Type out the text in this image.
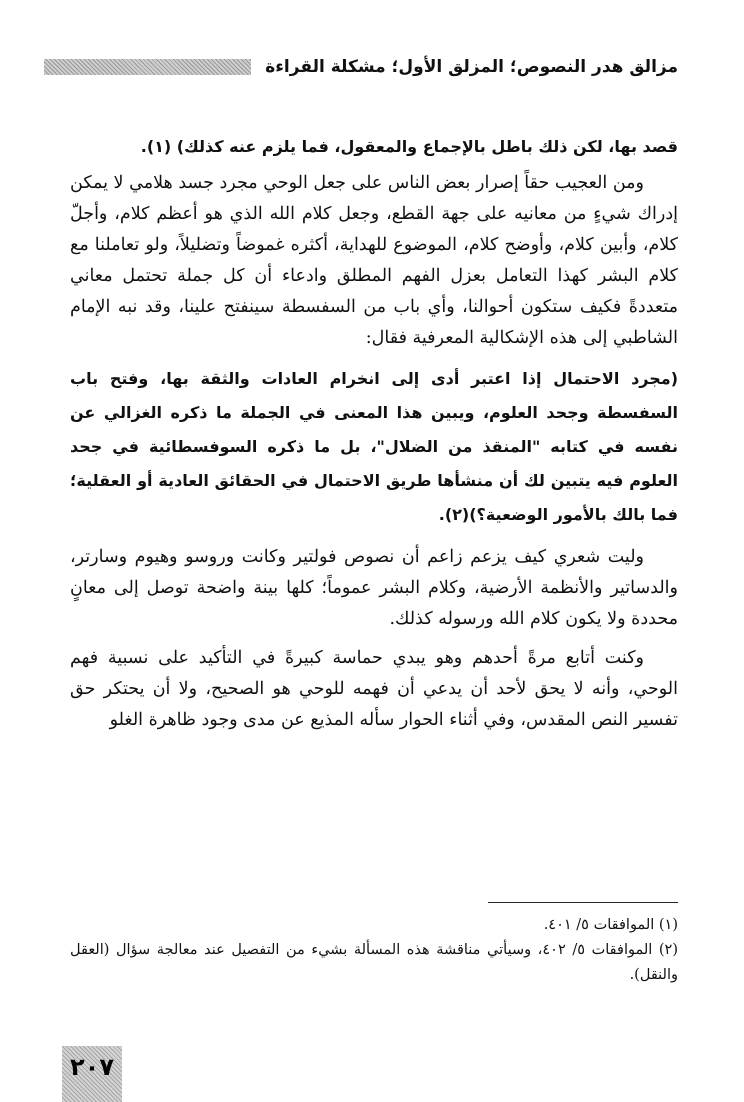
مزالق هدر النصوص؛ المزلق الأول؛ مشكلة القراءة

قصد بها، لكن ذلك باطل بالإجماع والمعقول، فما يلزم عنه كذلك) (١).

ومن العجيب حقاً إصرار بعض الناس على جعل الوحي مجرد جسد هلامي لا يمكن إدراك شيءٍ من معانيه على جهة القطع، وجعل كلام الله الذي هو أعظم كلام، وأجلّ كلام، وأبين كلام، وأوضح كلام، الموضوع للهداية، أكثره غموضاً وتضليلاً، ولو تعاملنا مع كلام البشر كهذا التعامل بعزل الفهم المطلق وادعاء أن كل جملة تحتمل معاني متعددةً فكيف ستكون أحوالنا، وأي باب من السفسطة سينفتح علينا، وقد نبه الإمام الشاطبي إلى هذه الإشكالية المعرفية فقال:

(مجرد الاحتمال إذا اعتبر أدى إلى انخرام العادات والثقة بها، وفتح باب السفسطة وجحد العلوم، ويبين هذا المعنى في الجملة ما ذكره الغزالي عن نفسه في كتابه "المنقذ من الضلال"، بل ما ذكره السوفسطائية في جحد العلوم فيه يتبين لك أن منشأها طريق الاحتمال في الحقائق العادية أو العقلية؛ فما بالك بالأمور الوضعية؟)(٢).

وليت شعري كيف يزعم زاعم أن نصوص فولتير وكانت وروسو وهيوم وسارتر، والدساتير والأنظمة الأرضية، وكلام البشر عموماً؛ كلها بينة واضحة توصل إلى معانٍ محددة ولا يكون كلام الله ورسوله كذلك.

وكنت أتابع مرةً أحدهم وهو يبدي حماسة كبيرةً في التأكيد على نسبية فهم الوحي، وأنه لا يحق لأحد أن يدعي أن فهمه للوحي هو الصحيح، ولا أن يحتكر حق تفسير النص المقدس، وفي أثناء الحوار سأله المذيع عن مدى وجود ظاهرة الغلو

(١) الموافقات ٥/ ٤٠١.

(٢) الموافقات ٥/ ٤٠٢، وسيأتي مناقشة هذه المسألة بشيء من التفصيل عند معالجة سؤال (العقل والنقل).

٢٠٧
